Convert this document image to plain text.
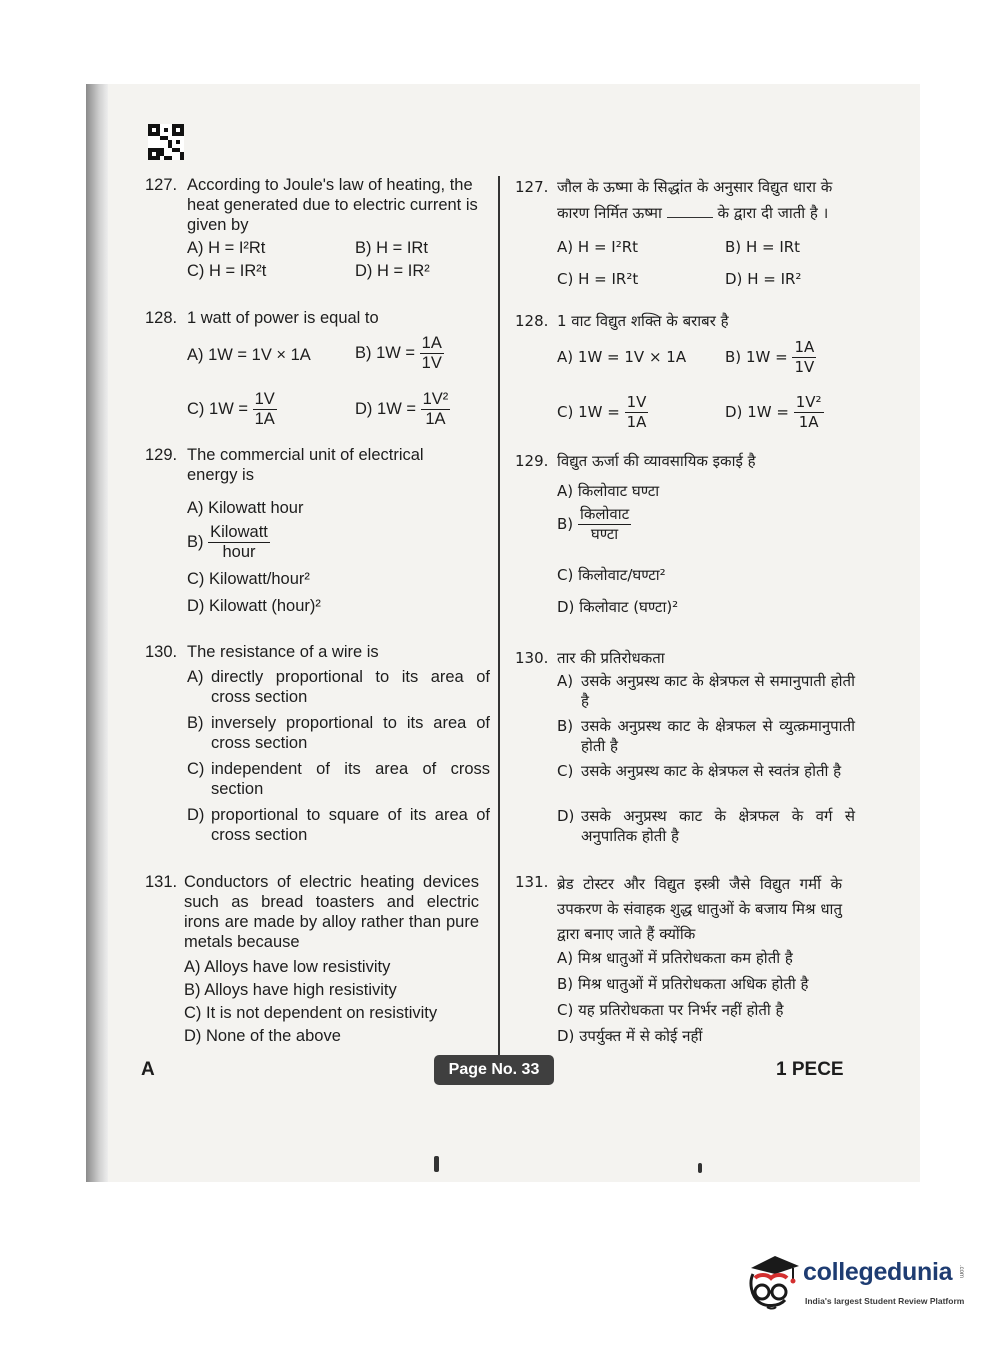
127. According to Joule's law of heating, the heat generated due to electric current is given by
A) H = I²Rt	B) H = IRt
C) H = IR²t	D) H = IR²
128. 1 watt of power is equal to
A) 1W = 1V × 1A	B) $1W = \frac{1A}{1V}$
C) $1W = \frac{1V}{1A}$	D) $1W = \frac{\text{1V²}}{1A}$
129. The commercial unit of electrical energy is
A) Kilowatt hour
$B) \frac{\text{Kilowatt}}{\text{hour}}$
C) Kilowatt/hour²
D) Kilowatt (hour)²
130. The resistance of a wire is
A) directly proportional to its area of cross section
B) inversely proportional to its area of cross section
C) independent of its area of cross section
D) proportional to square of its area of cross section
131. Conductors of electric heating devices such as bread toasters and electric irons are made by alloy rather than pure metals because
A) Alloys have low resistivity
B) Alloys have high resistivity
C) It is not dependent on resistivity
D) None of the above
127. जौल के ऊष्मा के सिद्धांत के अनुसार विद्युत धारा के
कारण निर्मित ऊष्मा	के द्वारा दी जाती है ।
A) H = I²Rt	B) H = IRt
C) H = IR²t	D) H = IR²
128. 1 वाट विद्युत शक्ति के बराबर है
A) 1W = 1V × 1A	B) $1W = \frac{1A}{1V}$
C) $1W = \frac{1V}{1A}$	D) $1W = \frac{\text{1V²}}{1A}$
129. विद्युत ऊर्जा की व्यावसायिक इकाई है
A) किलोवाट घण्टा
$B) \frac{\text{किलोवाट}}{\text{घण्टा}}$
C) किलोवाट/घण्टा²
D) किलोवाट (घण्टा)²
130. तार की प्रतिरोधकता
A) उसके अनुप्रस्थ काट के क्षेत्रफल से समानुपाती होती है
B) उसके अनुप्रस्थ काट के क्षेत्रफल से व्युत्क्रमानुपाती होती है
C) उसके अनुप्रस्थ काट के क्षेत्रफल से स्वतंत्र होती है
D) उसके अनुप्रस्थ काट के क्षेत्रफल के वर्ग से अनुपातिक होती है
131. ब्रेड टोस्टर और विद्युत इस्त्री जैसे विद्युत गर्मी के उपकरण के संवाहक शुद्ध धातुओं के बजाय मिश्र धातु द्वारा बनाए जाते हैं क्योंकि
A) मिश्र धातुओं में प्रतिरोधकता कम होती है
B) मिश्र धातुओं में प्रतिरोधकता अधिक होती है
C) यह प्रतिरोधकता पर निर्भर नहीं होती है
D) उपर्युक्त में से कोई नहीं
A	Page No. 33	1 PECE
collegedunia .com
India's largest Student Review Platform
